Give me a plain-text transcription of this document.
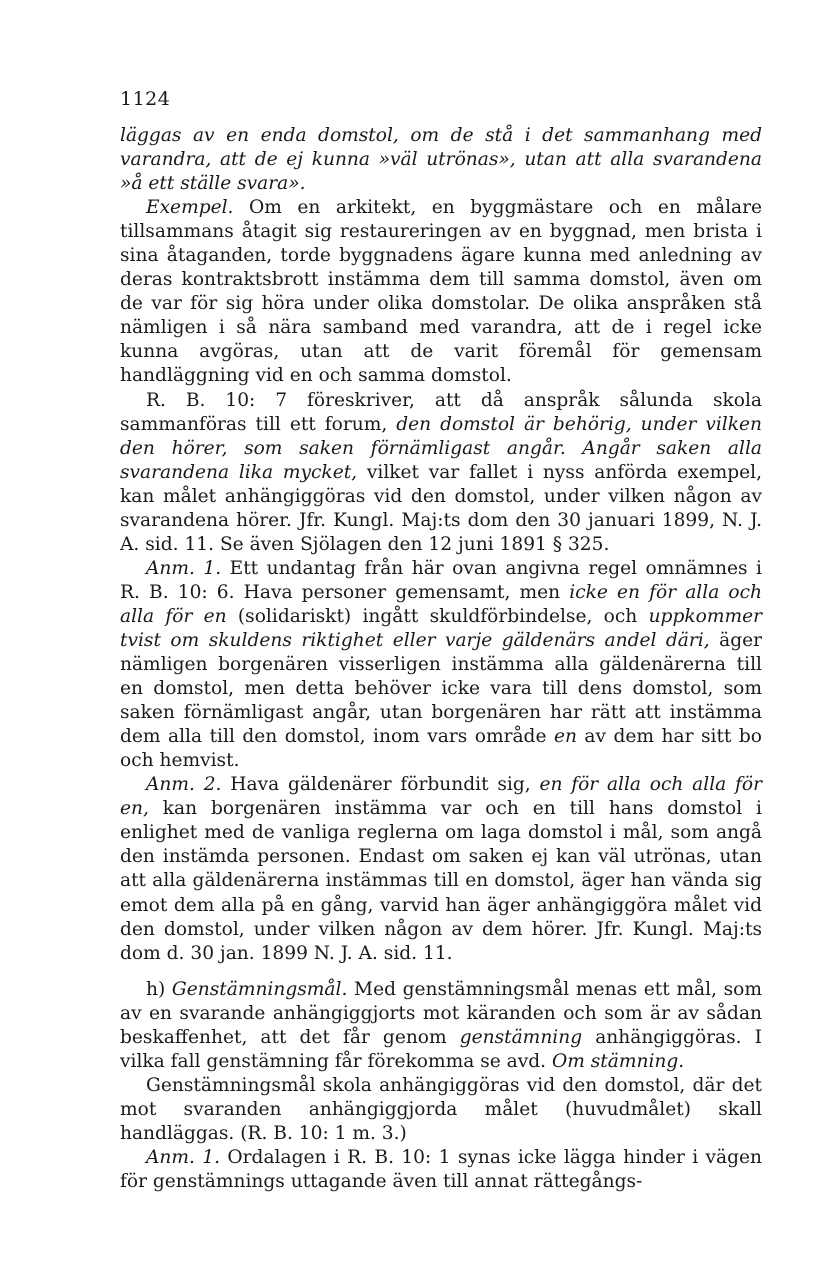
1124

läggas av en enda domstol, om de stå i det sammanhang med varandra, att de ej kunna »väl utrönas», utan att alla svarandena »å ett ställe svara».

Exempel. Om en arkitekt, en byggmästare och en målare tillsammans åtagit sig restaureringen av en byggnad, men brista i sina åtaganden, torde byggnadens ägare kunna med anledning av deras kontraktsbrott instämma dem till samma domstol, även om de var för sig höra under olika domstolar. De olika anspråken stå nämligen i så nära samband med varandra, att de i regel icke kunna avgöras, utan att de varit föremål för gemensam handläggning vid en och samma domstol.

R. B. 10: 7 föreskriver, att då anspråk sålunda skola sammanföras till ett forum, den domstol är behörig, under vilken den hörer, som saken förnämligast angår. Angår saken alla svarandena lika mycket, vilket var fallet i nyss anförda exempel, kan målet anhängiggöras vid den domstol, under vilken någon av svarandena hörer. Jfr. Kungl. Maj:ts dom den 30 januari 1899, N. J. A. sid. 11. Se även Sjölagen den 12 juni 1891 § 325.

Anm. 1. Ett undantag från här ovan angivna regel omnämnes i R. B. 10: 6. Hava personer gemensamt, men icke en för alla och alla för en (solidariskt) ingått skuldförbindelse, och uppkommer tvist om skuldens riktighet eller varje gäldenärs andel däri, äger nämligen borgenären visserligen instämma alla gäldenärerna till en domstol, men detta behöver icke vara till dens domstol, som saken förnämligast angår, utan borgenären har rätt att instämma dem alla till den domstol, inom vars område en av dem har sitt bo och hemvist.

Anm. 2. Hava gäldenärer förbundit sig, en för alla och alla för en, kan borgenären instämma var och en till hans domstol i enlighet med de vanliga reglerna om laga domstol i mål, som angå den instämda personen. Endast om saken ej kan väl utrönas, utan att alla gäldenärerna instämmas till en domstol, äger han vända sig emot dem alla på en gång, varvid han äger anhängiggöra målet vid den domstol, under vilken någon av dem hörer. Jfr. Kungl. Maj:ts dom d. 30 jan. 1899 N. J. A. sid. 11.

h) Genstämningsmål. Med genstämningsmål menas ett mål, som av en svarande anhängiggjorts mot käranden och som är av sådan beskaffenhet, att det får genom genstämning anhängiggöras. I vilka fall genstämning får förekomma se avd. Om stämning.

Genstämningsmål skola anhängiggöras vid den domstol, där det mot svaranden anhängiggjorda målet (huvudmålet) skall handläggas. (R. B. 10: 1 m. 3.)

Anm. 1. Ordalagen i R. B. 10: 1 synas icke lägga hinder i vägen för genstämnings uttagande även till annat rättegångs-
